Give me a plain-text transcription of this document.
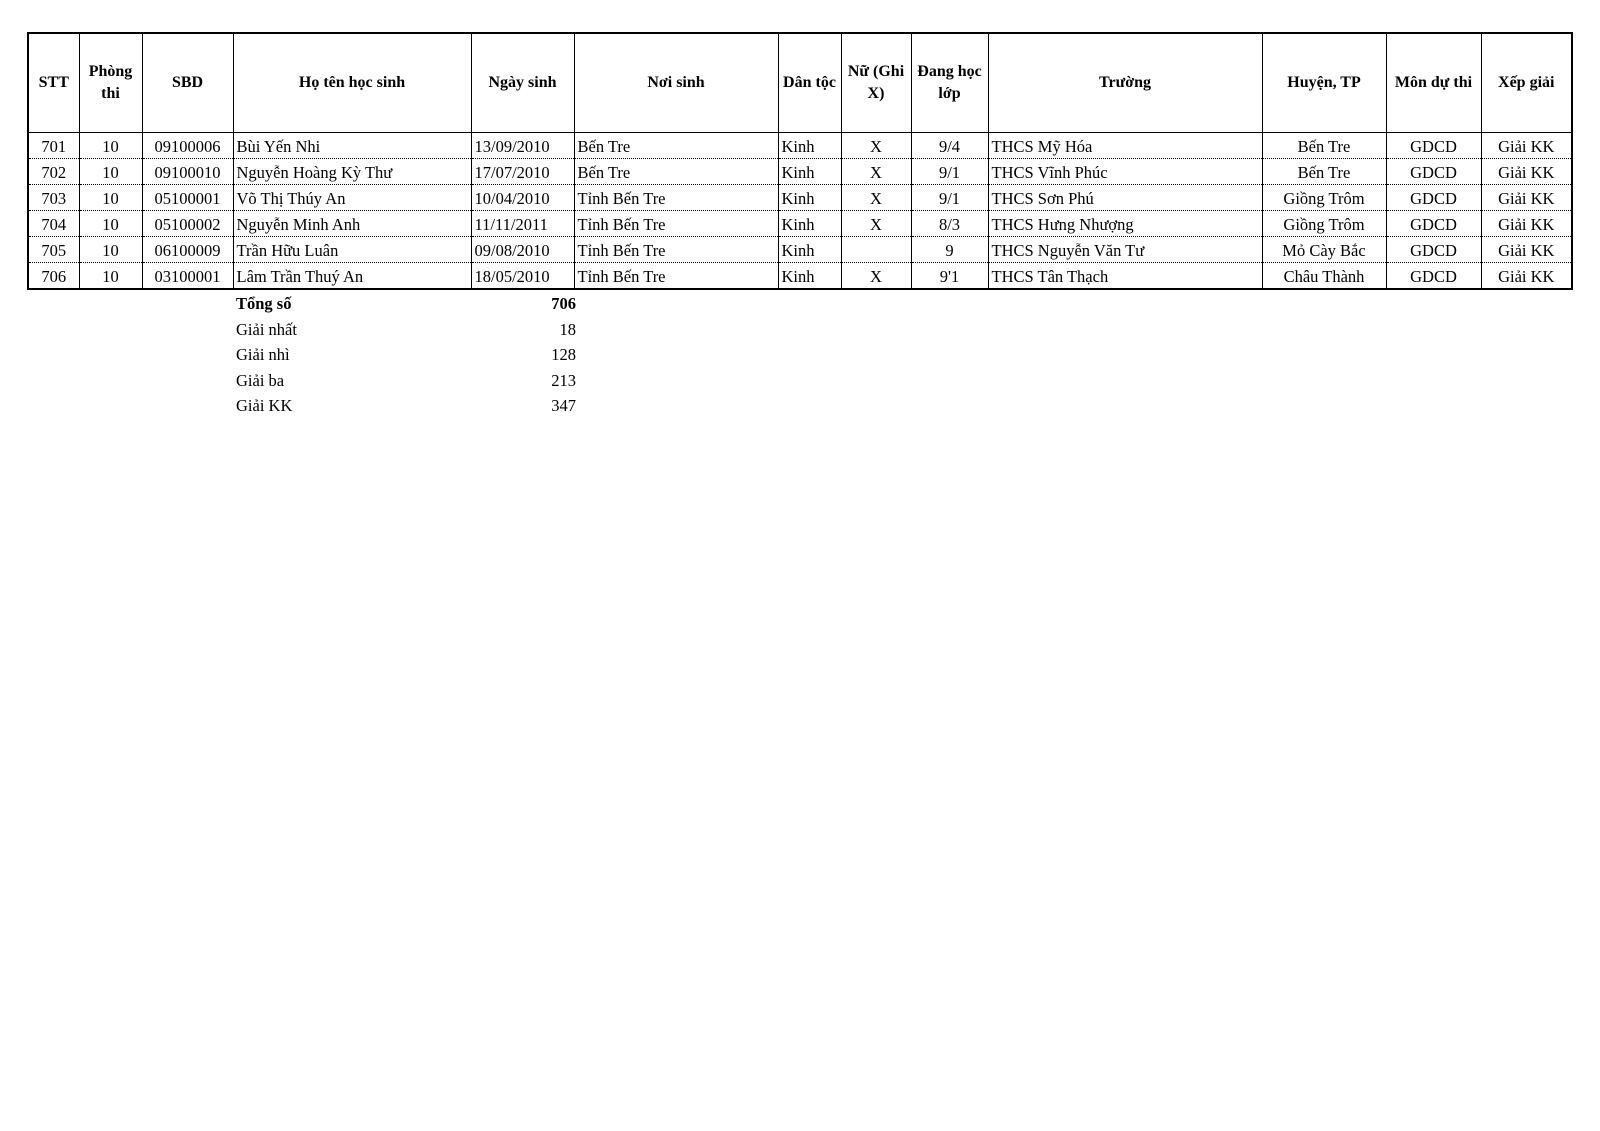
STT	Phòng thi	SBD	Họ tên học sinh	Ngày sinh	Nơi sinh	Dân tộc	Nữ (Ghi X)	Đang học lớp	Trường	Huyện, TP	Môn dự thi	Xếp giải
701	10	09100006	Bùi Yến Nhi	13/09/2010	Bến Tre	Kinh	X	9/4	THCS Mỹ Hóa	Bến Tre	GDCD	Giải KK
702	10	09100010	Nguyễn Hoàng Kỳ Thư	17/07/2010	Bến Tre	Kinh	X	9/1	THCS Vĩnh Phúc	Bến Tre	GDCD	Giải KK
703	10	05100001	Võ Thị Thúy An	10/04/2010	Tỉnh Bến Tre	Kinh	X	9/1	THCS Sơn Phú	Giồng Trôm	GDCD	Giải KK
704	10	05100002	Nguyễn Minh Anh	11/11/2011	Tỉnh Bến Tre	Kinh	X	8/3	THCS Hưng Nhượng	Giồng Trôm	GDCD	Giải KK
705	10	06100009	Trần Hữu Luân	09/08/2010	Tỉnh Bến Tre	Kinh		9	THCS Nguyễn Văn Tư	Mỏ Cày Bắc	GDCD	Giải KK
706	10	03100001	Lâm Trần Thuý An	18/05/2010	Tỉnh Bến Tre	Kinh	X	9'1	THCS Tân Thạch	Châu Thành	GDCD	Giải KK
Tổng số	706
Giải nhất	18
Giải nhì	128
Giải ba	213
Giải KK	347
